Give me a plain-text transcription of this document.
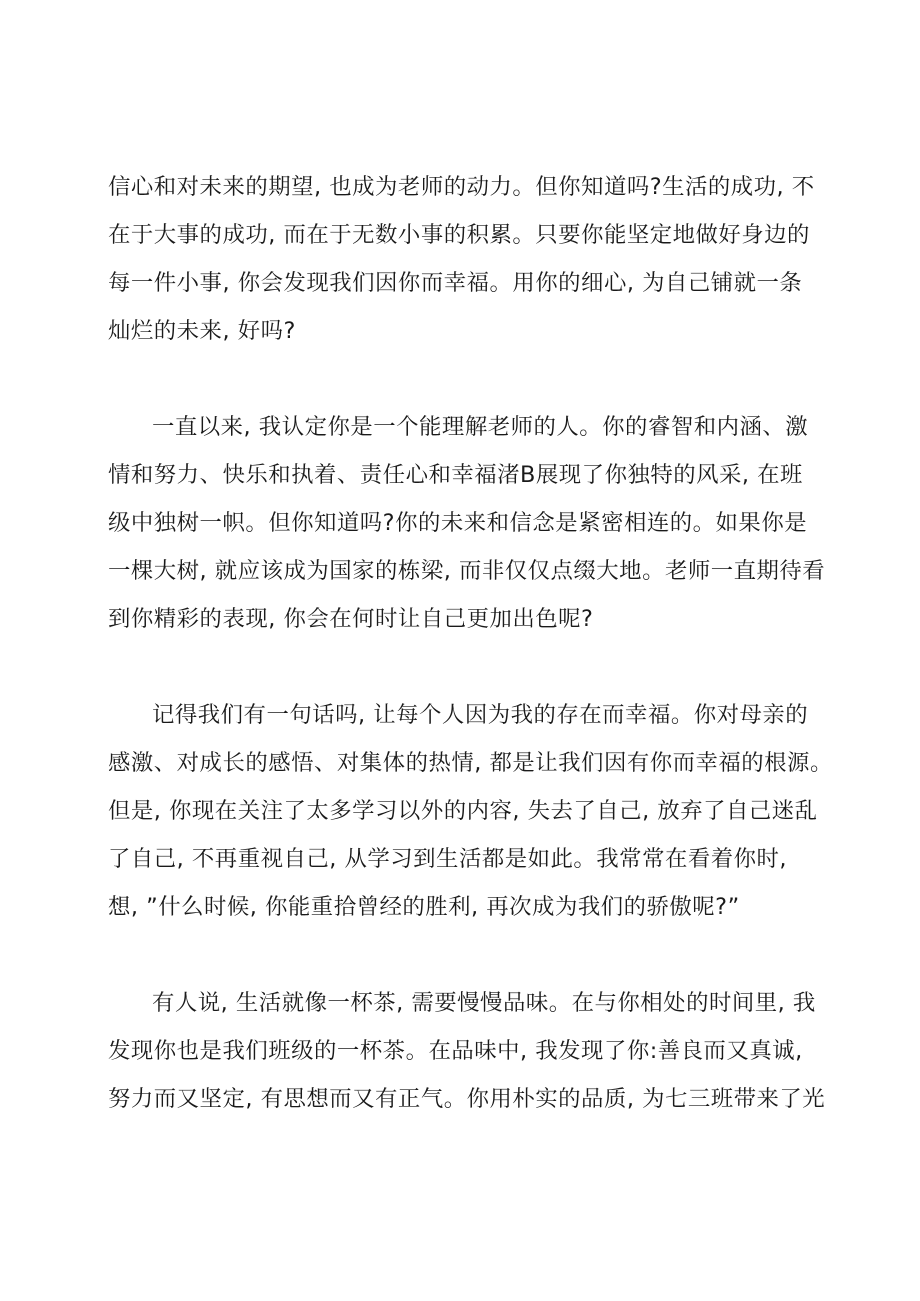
信心和对未来的期望, 也成为老师的动力。但你知道吗?生活的成功, 不
在于大事的成功, 而在于无数小事的积累。只要你能坚定地做好身边的
每一件小事, 你会发现我们因你而幸福。用你的细心, 为自己铺就一条
灿烂的未来, 好吗?
一直以来, 我认定你是一个能理解老师的人。你的睿智和内涵、激
情和努力、快乐和执着、责任心和幸福渚B展现了你独特的风采, 在班
级中独树一帜。但你知道吗?你的未来和信念是紧密相连的。如果你是
一棵大树, 就应该成为国家的栋梁, 而非仅仅点缀大地。老师一直期待看
到你精彩的表现, 你会在何时让自己更加出色呢?
记得我们有一句话吗, 让每个人因为我的存在而幸福。你对母亲的
感激、对成长的感悟、对集体的热情, 都是让我们因有你而幸福的根源。
但是, 你现在关注了太多学习以外的内容, 失去了自己, 放弃了自己迷乱
了自己, 不再重视自己, 从学习到生活都是如此。我常常在看着你时,
想, ”什么时候, 你能重拾曾经的胜利, 再次成为我们的骄傲呢?”
有人说, 生活就像一杯茶, 需要慢慢品味。在与你相处的时间里, 我
发现你也是我们班级的一杯茶。在品味中, 我发现了你:善良而又真诚,
努力而又坚定, 有思想而又有正气。你用朴实的品质, 为七三班带来了光
